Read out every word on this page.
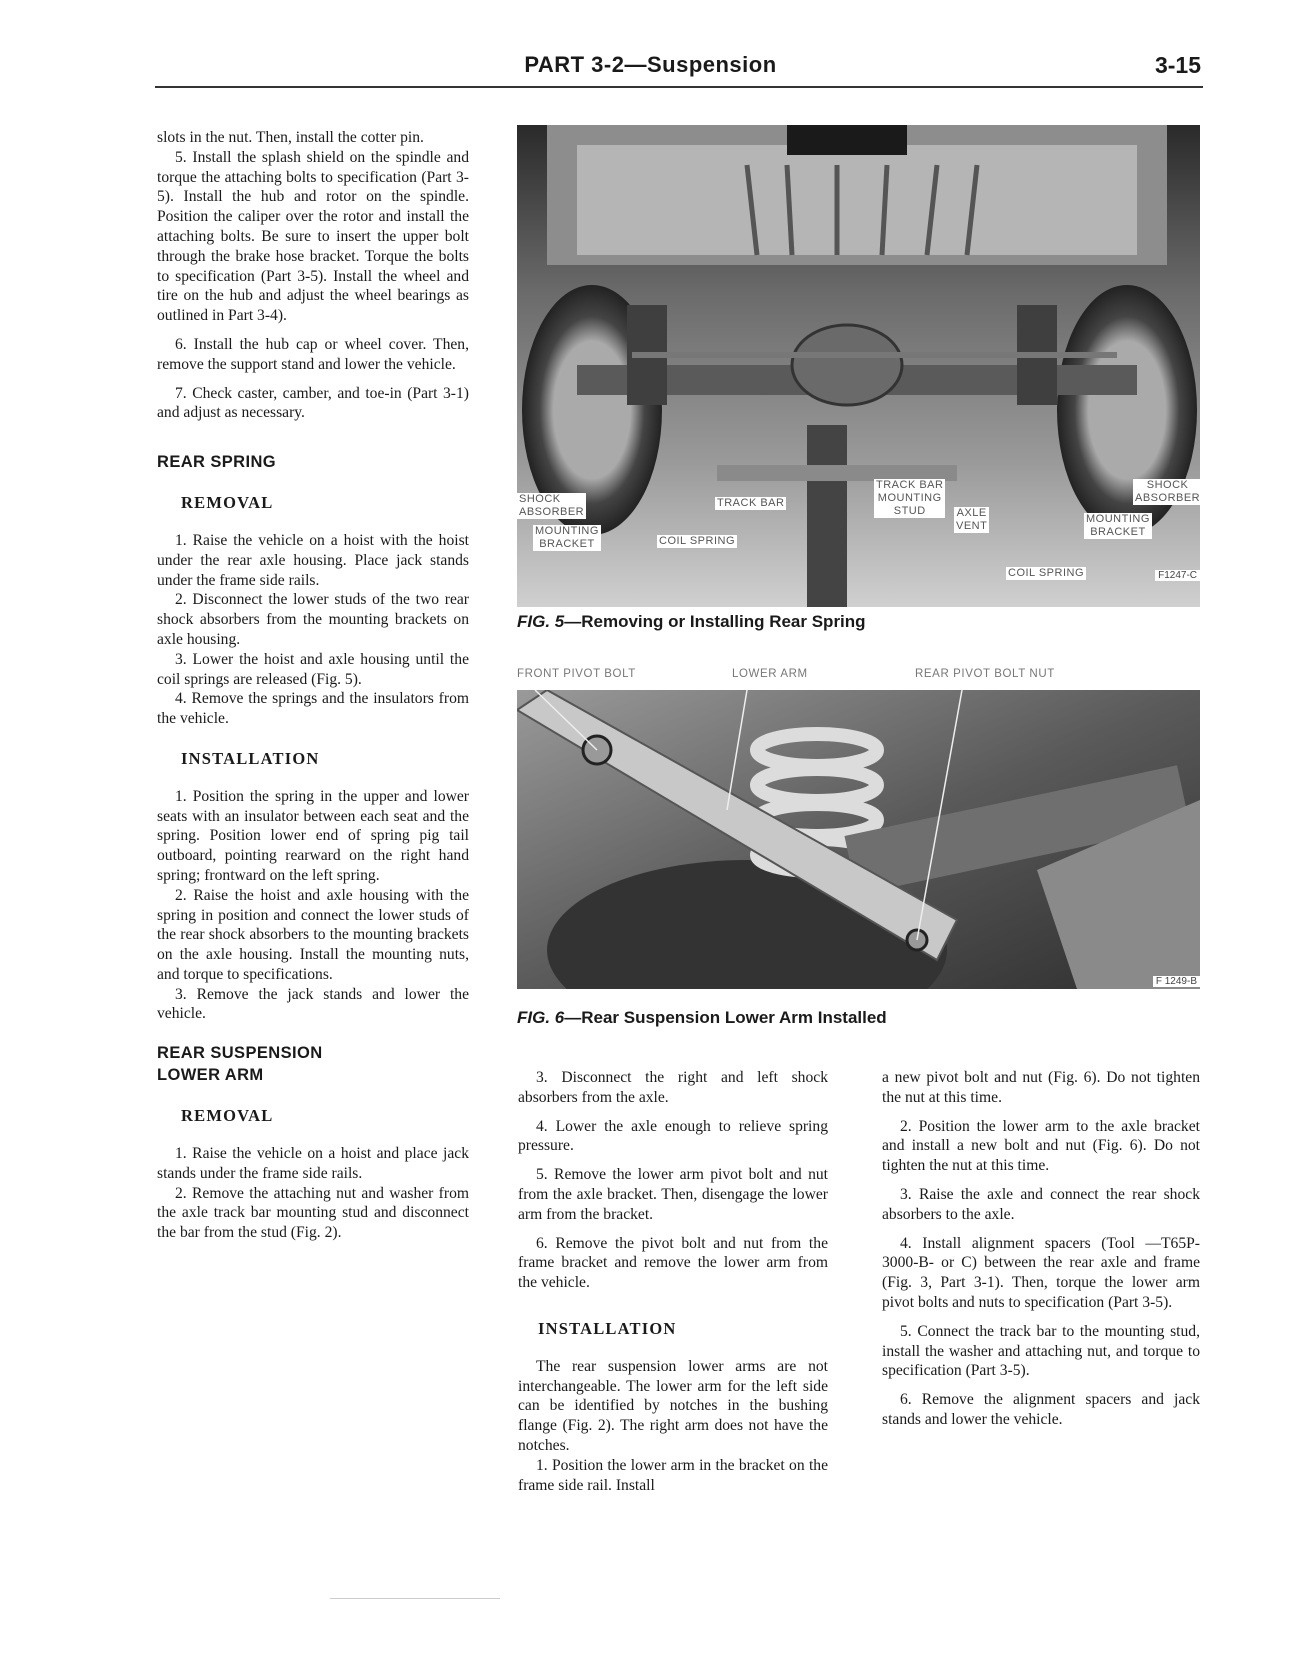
PART 3-2—Suspension	3-15

slots in the nut. Then, install the cotter pin.

5. Install the splash shield on the spindle and torque the attaching bolts to specification (Part 3-5). Install the hub and rotor on the spindle. Position the caliper over the rotor and install the attaching bolts. Be sure to insert the upper bolt through the brake hose bracket. Torque the bolts to specification (Part 3-5). Install the wheel and tire on the hub and adjust the wheel bearings as outlined in Part 3-4).

6. Install the hub cap or wheel cover. Then, remove the support stand and lower the vehicle.

7. Check caster, camber, and toe-in (Part 3-1) and adjust as necessary.

REAR SPRING

REMOVAL

1. Raise the vehicle on a hoist with the hoist under the rear axle housing. Place jack stands under the frame side rails.

2. Disconnect the lower studs of the two rear shock absorbers from the mounting brackets on axle housing.

3. Lower the hoist and axle housing until the coil springs are released (Fig. 5).

4. Remove the springs and the insulators from the vehicle.

INSTALLATION

1. Position the spring in the upper and lower seats with an insulator between each seat and the spring. Position lower end of spring pig tail outboard, pointing rearward on the right hand spring; frontward on the left spring.

2. Raise the hoist and axle housing with the spring in position and connect the lower studs of the rear shock absorbers to the mounting brackets on the axle housing. Install the mounting nuts, and torque to specifications.

3. Remove the jack stands and lower the vehicle.

REAR SUSPENSION
LOWER ARM

REMOVAL

1. Raise the vehicle on a hoist and place jack stands under the frame side rails.

2. Remove the attaching nut and washer from the axle track bar mounting stud and disconnect the bar from the stud (Fig. 2).

SHOCK
ABSORBER
MOUNTING
BRACKET
TRACK BAR
COIL SPRING
TRACK BAR
MOUNTING
STUD	AXLE
VENT
SHOCK
ABSORBER
MOUNTING
BRACKET
COIL SPRING	F1247-C
FIG. 5—Removing or Installing Rear Spring
FRONT PIVOT BOLT	LOWER ARM	REAR PIVOT BOLT NUT
F 1249-B
FIG. 6—Rear Suspension Lower Arm Installed

3. Disconnect the right and left shock absorbers from the axle.

4. Lower the axle enough to relieve spring pressure.

5. Remove the lower arm pivot bolt and nut from the axle bracket. Then, disengage the lower arm from the bracket.

6. Remove the pivot bolt and nut from the frame bracket and remove the lower arm from the vehicle.

INSTALLATION

The rear suspension lower arms are not interchangeable. The lower arm for the left side can be identified by notches in the bushing flange (Fig. 2). The right arm does not have the notches.

1. Position the lower arm in the bracket on the frame side rail. Install

a new pivot bolt and nut (Fig. 6). Do not tighten the nut at this time.

2. Position the lower arm to the axle bracket and install a new bolt and nut (Fig. 6). Do not tighten the nut at this time.

3. Raise the axle and connect the rear shock absorbers to the axle.

4. Install alignment spacers (Tool —T65P-3000-B- or C) between the rear axle and frame (Fig. 3, Part 3-1). Then, torque the lower arm pivot bolts and nuts to specification (Part 3-5).

5. Connect the track bar to the mounting stud, install the washer and attaching nut, and torque to specification (Part 3-5).

6. Remove the alignment spacers and jack stands and lower the vehicle.
